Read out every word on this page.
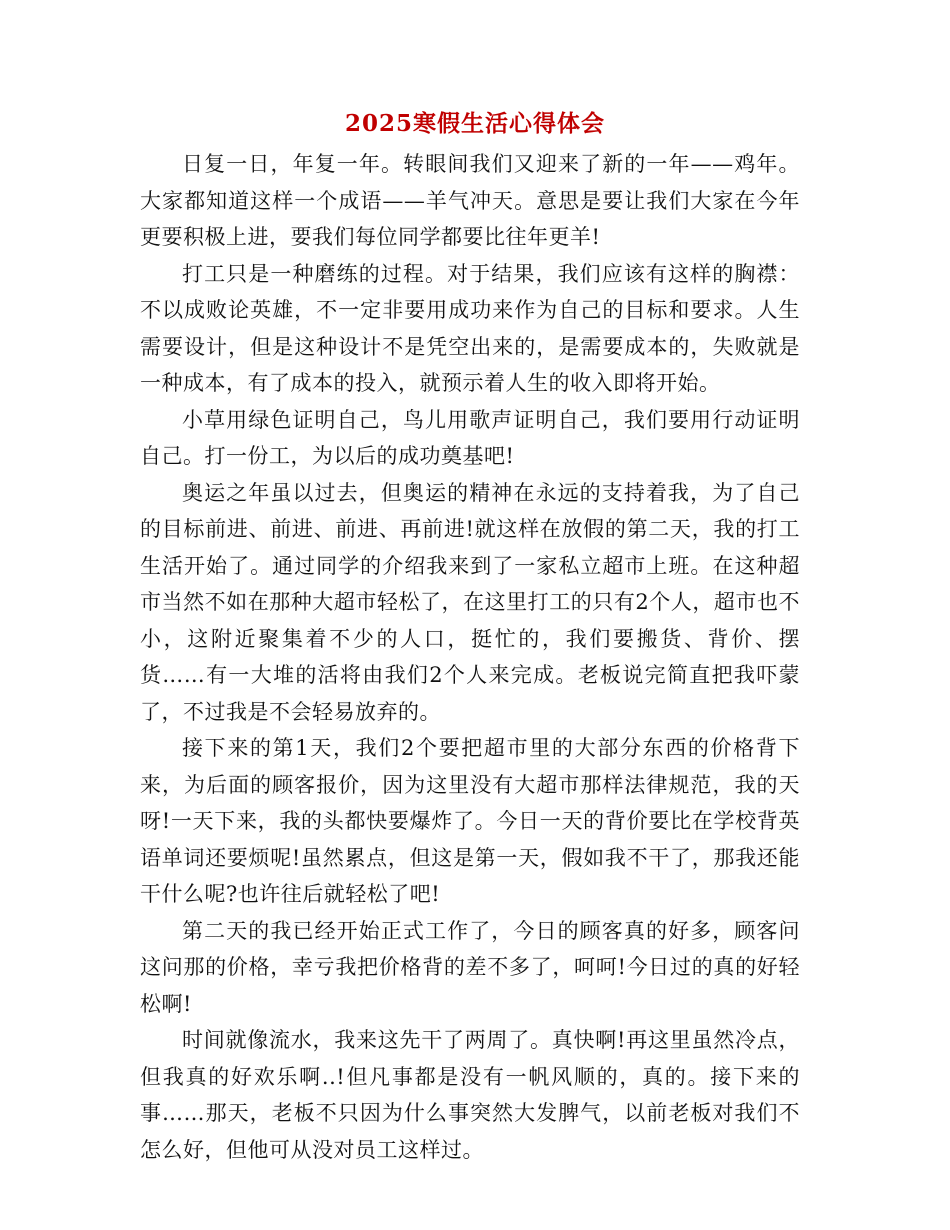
2025寒假生活心得体会

日复一日，年复一年。转眼间我们又迎来了新的一年——鸡年。大家都知道这样一个成语——羊气冲天。意思是要让我们大家在今年更要积极上进，要我们每位同学都要比往年更羊!

打工只是一种磨练的过程。对于结果，我们应该有这样的胸襟：不以成败论英雄，不一定非要用成功来作为自己的目标和要求。人生需要设计，但是这种设计不是凭空出来的，是需要成本的，失败就是一种成本，有了成本的投入，就预示着人生的收入即将开始。

小草用绿色证明自己，鸟儿用歌声证明自己，我们要用行动证明自己。打一份工，为以后的成功奠基吧!

奥运之年虽以过去，但奥运的精神在永远的支持着我，为了自己的目标前进、前进、前进、再前进!就这样在放假的第二天，我的打工生活开始了。通过同学的介绍我来到了一家私立超市上班。在这种超市当然不如在那种大超市轻松了，在这里打工的只有2个人，超市也不小，这附近聚集着不少的人口，挺忙的，我们要搬货、背价、摆货……有一大堆的活将由我们2个人来完成。老板说完简直把我吓蒙了，不过我是不会轻易放弃的。

接下来的第1天，我们2个要把超市里的大部分东西的价格背下来，为后面的顾客报价，因为这里没有大超市那样法律规范，我的天呀!一天下来，我的头都快要爆炸了。今日一天的背价要比在学校背英语单词还要烦呢!虽然累点，但这是第一天，假如我不干了，那我还能干什么呢?也许往后就轻松了吧!

第二天的我已经开始正式工作了，今日的顾客真的好多，顾客问这问那的价格，幸亏我把价格背的差不多了，呵呵!今日过的真的好轻松啊!

时间就像流水，我来这先干了两周了。真快啊!再这里虽然冷点，但我真的好欢乐啊..!但凡事都是没有一帆风顺的，真的。接下来的事……那天，老板不只因为什么事突然大发脾气，以前老板对我们不怎么好，但他可从没对员工这样过。
